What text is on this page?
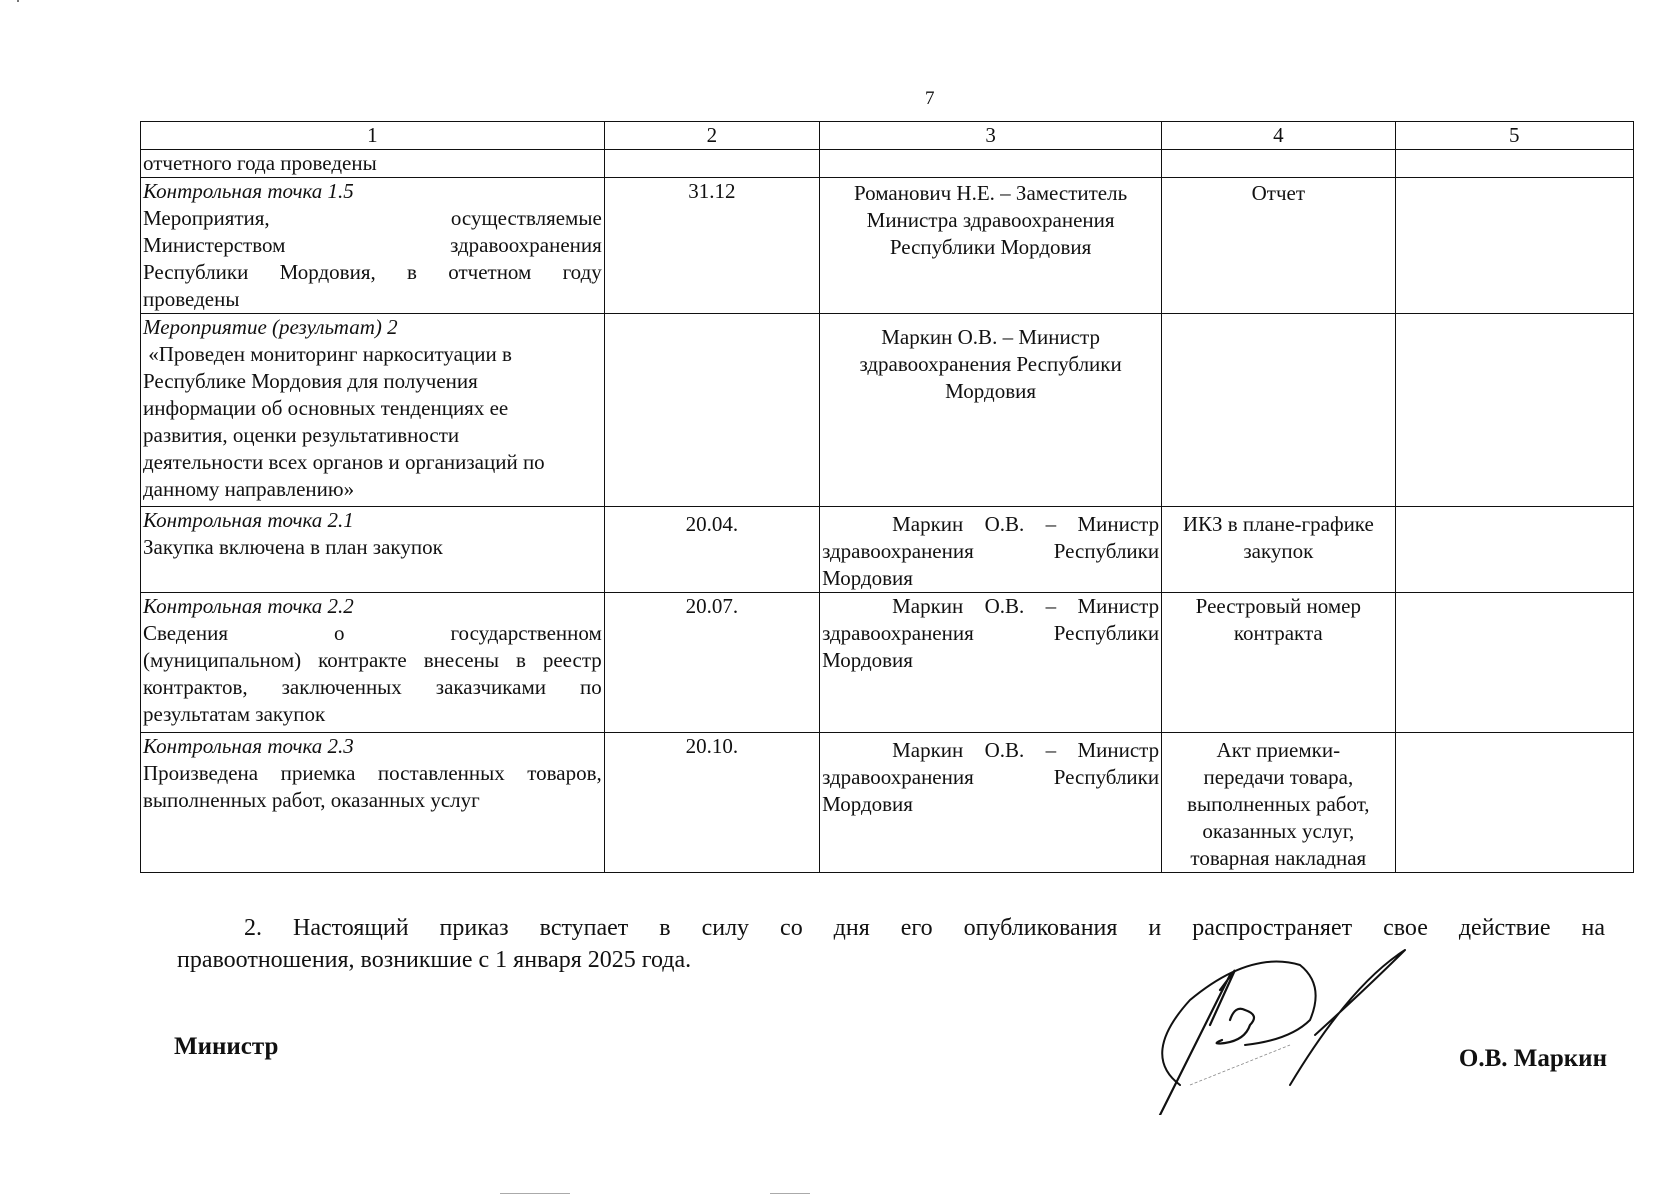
7
1	2	3	4	5
отчетного года проведены				

Контрольная точка 1.5
Мероприятия, осуществляемые
Министерством здравоохранения
Республики Мордовия, в отчетном году
проведены	31.12	Романович Н.Е. – Заместитель Министра здравоохранения Республики Мордовия	Отчет	

Мероприятие (результат) 2
«Проведен мониторинг наркоситуации в
Республике Мордовия для получения
информации об основных тенденциях ее
развития, оценки результативности
деятельности всех органов и организаций по
данному направлению»
		Маркин О.В. – Министр здравоохранения Республики Мордовия		

Контрольная точка 2.1
Закупка включена в план закупок	20.04.	Маркин О.В. – Министр здравоохранения Республики Мордовия	ИКЗ в плане-графике закупок	

Контрольная точка 2.2
Сведения о государственном
(муниципальном) контракте внесены в реестр
контрактов, заключенных заказчиками по
результатам закупок	20.07.	Маркин О.В. – Министр здравоохранения Республики Мордовия	Реестровый номер контракта	

Контрольная точка 2.3
Произведена приемка поставленных товаров,
выполненных работ, оказанных услуг	20.10.	Маркин О.В. – Министр здравоохранения Республики Мордовия	Акт приемки-передачи товара, выполненных работ, оказанных услуг, товарная накладная	
2. Настоящий приказ вступает в силу со дня его опубликования и распространяет свое действие на
правоотношения, возникшие с 1 января 2025 года.
Министр	О.В. Маркин
